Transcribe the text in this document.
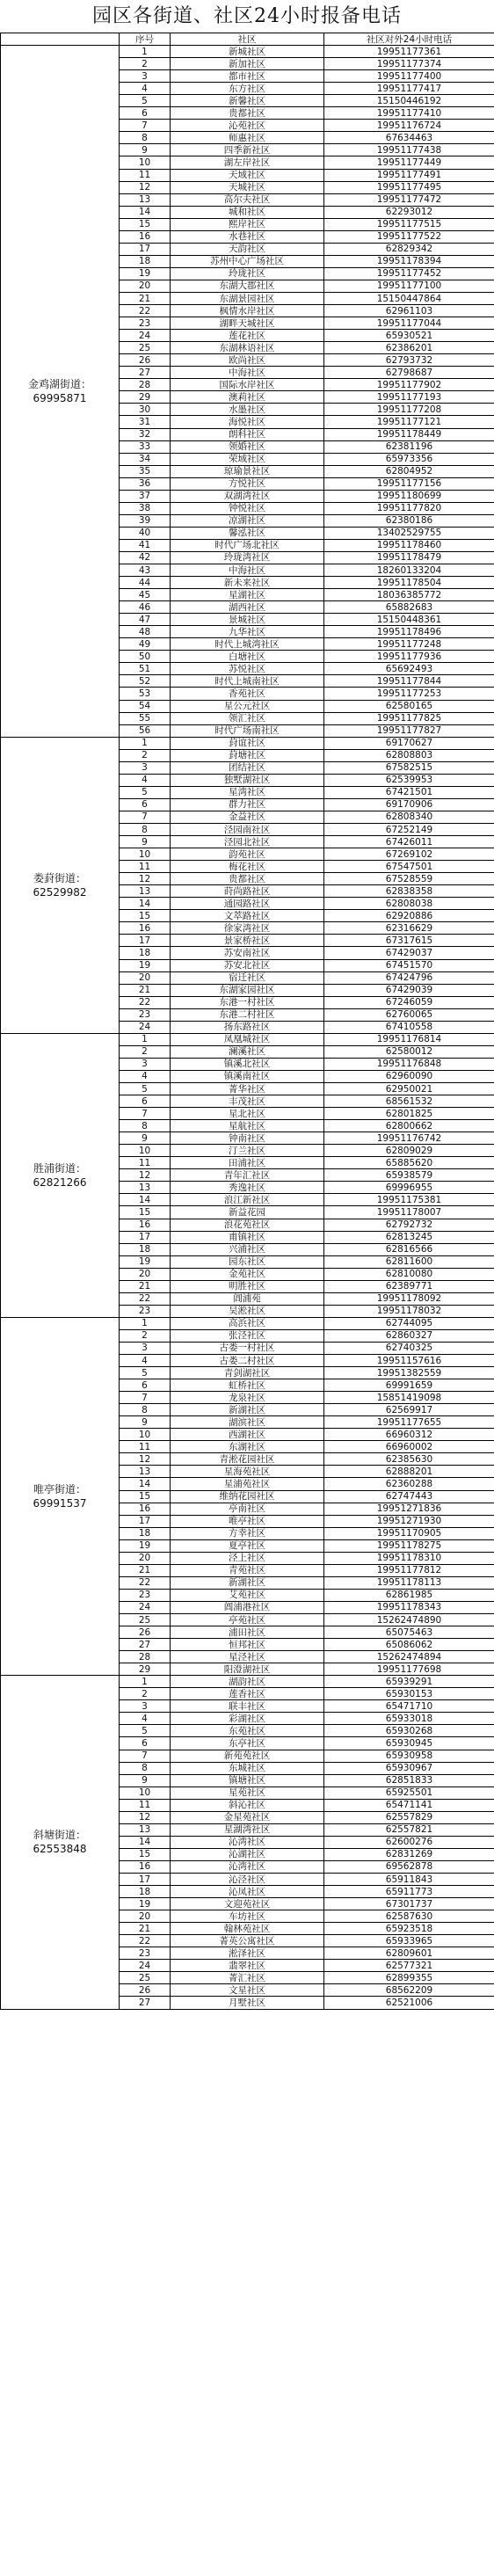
园区各街道、社区24小时报备电话
	序号	社区	社区对外24小时电话

金鸡湖街道：
69995871	1	新城社区	19951177361
	2	新加社区	19951177374
	3	都市社区	19951177400
	4	东方社区	19951177417
	5	新馨社区	15150446192
	6	贵都社区	19951177410
	7	沁苑社区	19951176724
	8	师惠社区	67634463
	9	四季新社区	19951177438
	10	湖左岸社区	19951177449
	11	天域社区	19951177491
	12	天城社区	19951177495
	13	高尔夫社区	19951177472
	14	城和社区	62293012
	15	熙岸社区	19951177515
	16	水巷社区	19951177522
	17	天韵社区	62829342
	18	苏州中心广场社区	19951178394
	19	玲珑社区	19951177452
	20	东湖大郡社区	19951177100
	21	东湖景园社区	15150447864
	22	枫情水岸社区	62961103
	23	湖畔天城社区	19951177044
	24	莲花社区	65930521
	25	东湖林语社区	62386201
	26	欧尚社区	62793732
	27	中海社区	62798687
	28	国际水岸社区	19951177902
	29	澳莉社区	19951177193
	30	水墨社区	19951177208
	31	海悦社区	19951177121
	32	朗科社区	19951178449
	33	领婚社区	62381196
	34	荣域社区	65973356
	35	琼瑜景社区	62804952
	36	方悦社区	19951177156
	37	双湖湾社区	19951180699
	38	钟悦社区	19951177820
	39	凉湖社区	62380186
	40	馨泓社区	13402529755
	41	时代广场北社区	19951178460
	42	玲珑湾社区	19951178479
	43	中海社区	18260133204
	44	新未来社区	19951178504
	45	星湖社区	18036385772
	46	湖西社区	65882683
	47	景城社区	15150448361
	48	九华社区	19951178496
	49	时代上城湾社区	19951177248
	50	白塘社区	19951177936
	51	苏悦社区	65692493
	52	时代上城南社区	19951177844
	53	香苑社区	19951177253
	54	星公元社区	62580165
	55	领汇社区	19951177825
	56	时代广场南社区	19951177827

娄葑街道：
62529982	1	葑谊社区	69170627
	2	葑塘社区	62808803
	3	团结社区	67582515
	4	独墅湖社区	62539953
	5	星湾社区	67421501
	6	群力社区	69170906
	7	金益社区	62808340
	8	泾园南社区	67252149
	9	泾园北社区	67426011
	10	韵苑社区	67269102
	11	梅花社区	67547501
	12	贵都社区	67528559
	13	莳尚路社区	62838358
	14	通园路社区	62808038
	15	文萃路社区	62920886
	16	徐家湾社区	62316629
	17	景家桥社区	67317615
	18	苏安南社区	67429037
	19	苏安北社区	67451570
	20	宿迁社区	67424796
	21	东湖家园社区	67429039
	22	东港一村社区	67246059
	23	东港二村社区	62760065
	24	扬东路社区	67410558

胜浦街道：
62821266	1	凤凰城社区	19951176814
	2	澜溪社区	62580012
	3	镇溪北社区	19951176848
	4	镇溪南社区	62960090
	5	菁华社区	62950021
	6	丰茂社区	68561532
	7	星北社区	62801825
	8	星航社区	62800662
	9	钟南社区	19951176742
	10	汀兰社区	62809029
	11	田浦社区	65885620
	12	青年汇社区	65938579
	13	秀逸社区	69996955
	14	浪江新社区	19951175381
	15	新益花园	19951178007
	16	浪花苑社区	62792732
	17	甫镇社区	62813245
	18	兴浦社区	62816566
	19	园东社区	62811600
	20	金苑社区	62810080
	21	明胜社区	62389771
	22	阊浦苑	19951178092
	23	吴淞社区	19951178032

唯亭街道：
69991537	1	高浜社区	62744095
	2	张泾社区	62860327
	3	古娄一村社区	62740325
	4	古娄二村社区	19951157616
	5	青剑湖社区	19951382559
	6	虹桥社区	69991659
	7	龙泉社区	15851419098
	8	新湖社区	62569917
	9	湖滨社区	19951177655
	10	西湖社区	66960312
	11	东湖社区	66960002
	12	青淞花园社区	62385630
	13	星海苑社区	62888201
	14	星浦苑社区	62360288
	15	维纳花园社区	62747443
	16	亭南社区	19951271836
	17	唯亭社区	19951271930
	18	方幸社区	19951170905
	19	夏亭社区	19951178275
	20	泾上社区	19951178310
	21	青苑社区	19951177812
	22	新湖社区	19951178113
	23	艾苑社区	62861985
	24	阊浦港社区	19951178343
	25	亭苑社区	15262474890
	26	浦田社区	65075463
	27	恒邦社区	65086062
	28	星泾社区	15262474894
	29	阳澄湖社区	19951177698

斜塘街道：
62553848	1	湖韵社区	65939291
	2	莲香社区	65930153
	3	联丰社区	65471710
	4	彩湖社区	65933018
	5	东苑社区	65930268
	6	东亭社区	65930945
	7	新苑苑社区	65930958
	8	东城社区	65930967
	9	镇塘社区	62851833
	10	星苑社区	65925501
	11	斜沁社区	65471141
	12	金星苑社区	62557829
	13	星湖湾社区	62557821
	14	沁湾社区	62600276
	15	沁湖社区	62831269
	16	沁湾社区	69562878
	17	沁泾社区	65911843
	18	沁凤社区	65911773
	19	文迎苑社区	67301737
	20	车坊社区	62587630
	21	翰林苑社区	65923518
	22	菁英公寓社区	65933965
	23	淞泽社区	62809601
	24	翡翠社区	62577321
	25	菁汇社区	62899355
	26	文星社区	68562209
	27	月墅社区	62521006
